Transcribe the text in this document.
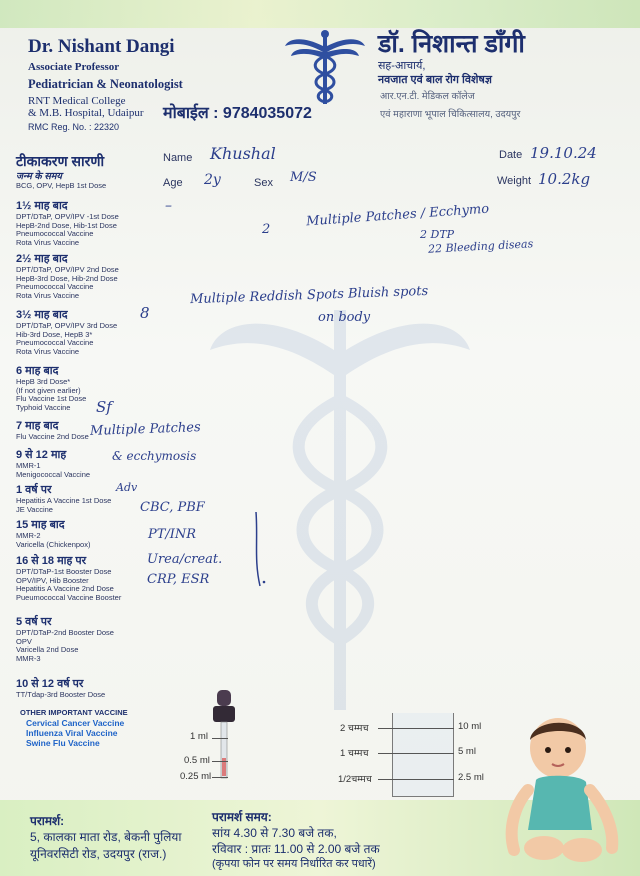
Dr. Nishant Dangi
Associate Professor
Pediatrician & Neonatologist
RNT Medical College
& M.B. Hospital, Udaipur
RMC Reg. No. : 22320
मोबाईल : 9784035072
डॉ. निशान्त डाँगी
सह-आचार्य,
नवजात एवं बाल रोग विशेषज्ञ
आर.एन.टी. मेडिकल कॉलेज
एवं महाराणा भूपाल चिकित्सालय, उदयपुर
Name Khushal	Date 19.10.24
Age 2y	Sex M/S	Weight 10.2kg
टीकाकरण सारणी
जन्म के समय
BCG, OPV, HepB 1st Dose
1½ माह बाद
DPT/DTaP, OPV/IPV -1st Dose
HepB-2nd Dose, Hib-1st Dose
Pneumococcal Vaccine
Rota Virus Vaccine
2½ माह बाद
DPT/DTaP, OPV/IPV 2nd Dose
HepB-3rd Dose, Hib-2nd Dose
Pneumococcal Vaccine
Rota Virus Vaccine
3½ माह बाद
DPT/DTaP, OPV/IPV 3rd Dose
Hib-3rd Dose, HepB 3*
Pneumococcal Vaccine
Rota Virus Vaccine
6 माह बाद
HepB 3rd Dose*
(If not given earlier)
Flu Vaccine 1st Dose
Typhoid Vaccine
7 माह बाद
Flu Vaccine 2nd Dose
9 से 12 माह
MMR-1
Menigococcal Vaccine
1 वर्ष पर
Hepatitis A Vaccine 1st Dose
JE Vaccine
15 माह बाद
MMR-2
Varicella (Chickenpox)
16 से 18 माह पर
DPT/DTaP-1st Booster Dose
OPV/IPV, Hib Booster
Hepatitis A Vaccine 2nd Dose
Pueumococcal Vaccine Booster
5 वर्ष पर
DPT/DTaP-2nd Booster Dose
OPV
Varicella 2nd Dose
MMR-3
10 से 12 वर्ष पर
TT/Tdap-3rd Booster Dose
OTHER IMPORTANT VACCINE
Cervical Cancer Vaccine
Influenza Viral Vaccine
Swine Flu Vaccine
–
2
Multiple Patches / Ecchymo
2 DTP
22 Bleeding diseas
8
Multiple Reddish Spots Bluish spots
on body
Sf
Multiple Patches
& ecchymosis
Adv
CBC, PBF
PT/INR
Urea/creat.
CRP, ESR
1 ml
0.5 ml
0.25 ml
2 चम्मच
1 चम्मच
1/2चम्मच
10 ml
5 ml
2.5 ml
परामर्श:
5, कालका माता रोड, बेकनी पुलिया
यूनिवरसिटी रोड, उदयपुर (राज.)
परामर्श समय:
सांय 4.30 से 7.30 बजे तक,
रविवार : प्रातः 11.00 से 2.00 बजे तक
(कृपया फोन पर समय निर्धारित कर पधारें)
